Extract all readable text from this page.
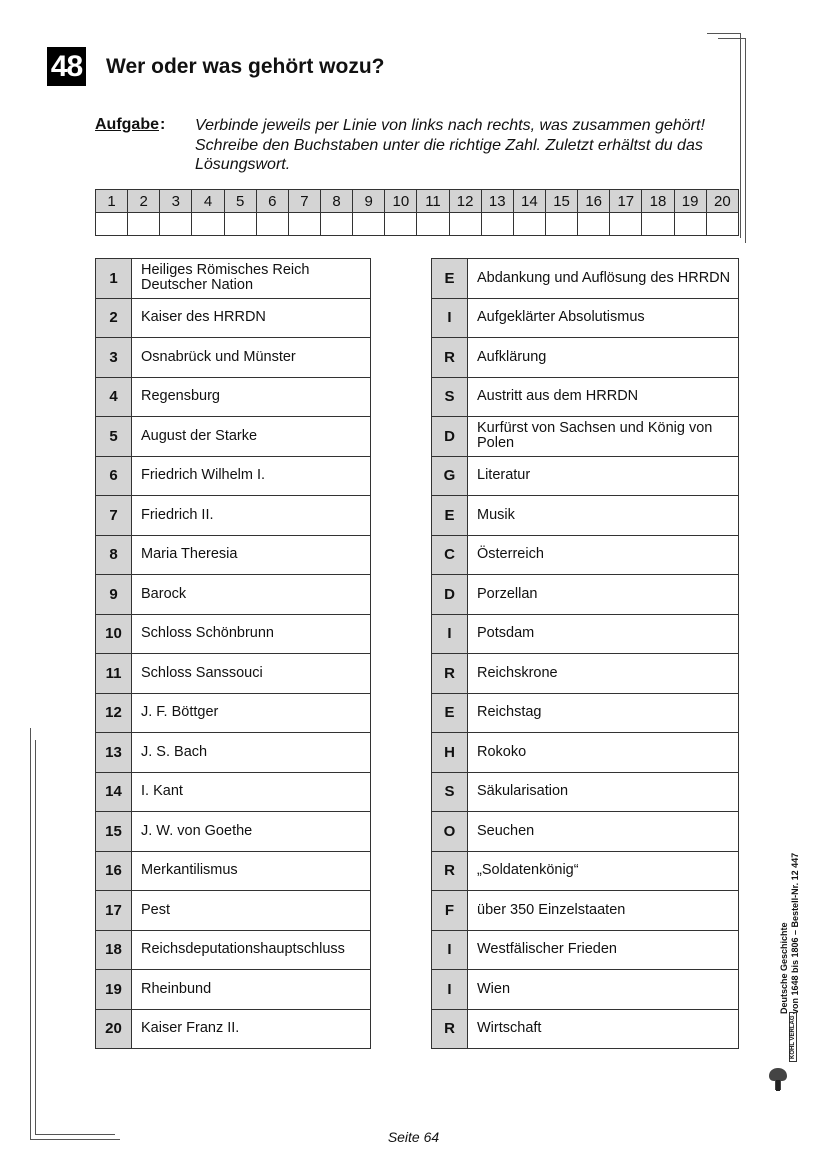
48 Wer oder was gehört wozu?
Aufgabe : Verbinde jeweils per Linie von links nach rechts, was zusammen gehört!
Schreibe den Buchstaben unter die richtige Zahl. Zuletzt erhältst du das
Lösungswort.
1	2	3	4	5	6	7	8	9	10	11	12	13	14	15	16	17	18	19	20

1	Heiliges Römisches Reich Deutscher Nation
2	Kaiser des HRRDN
3	Osnabrück und Münster
4	Regensburg
5	August der Starke
6	Friedrich Wilhelm I.
7	Friedrich II.
8	Maria Theresia
9	Barock
10	Schloss Schönbrunn
11	Schloss Sanssouci
12	J. F. Böttger
13	J. S. Bach
14	I. Kant
15	J. W. von Goethe
16	Merkantilismus
17	Pest
18	Reichsdeputationshauptschluss
19	Rheinbund
20	Kaiser Franz II.
E	Abdankung und Auflösung des HRRDN
I	Aufgeklärter Absolutismus
R	Aufklärung
S	Austritt aus dem HRRDN
D	Kurfürst von Sachsen und König von Polen
G	Literatur
E	Musik
C	Österreich
D	Porzellan
I	Potsdam
R	Reichskrone
E	Reichstag
H	Rokoko
S	Säkularisation
O	Seuchen
R	„Soldatenkönig“
F	über 350 Einzelstaaten
I	Westfälischer Frieden
I	Wien
R	Wirtschaft
Deutsche Geschichte von 1648 bis 1806 – Bestell-Nr. 12 447
KOHL VERLAG
Seite 64
